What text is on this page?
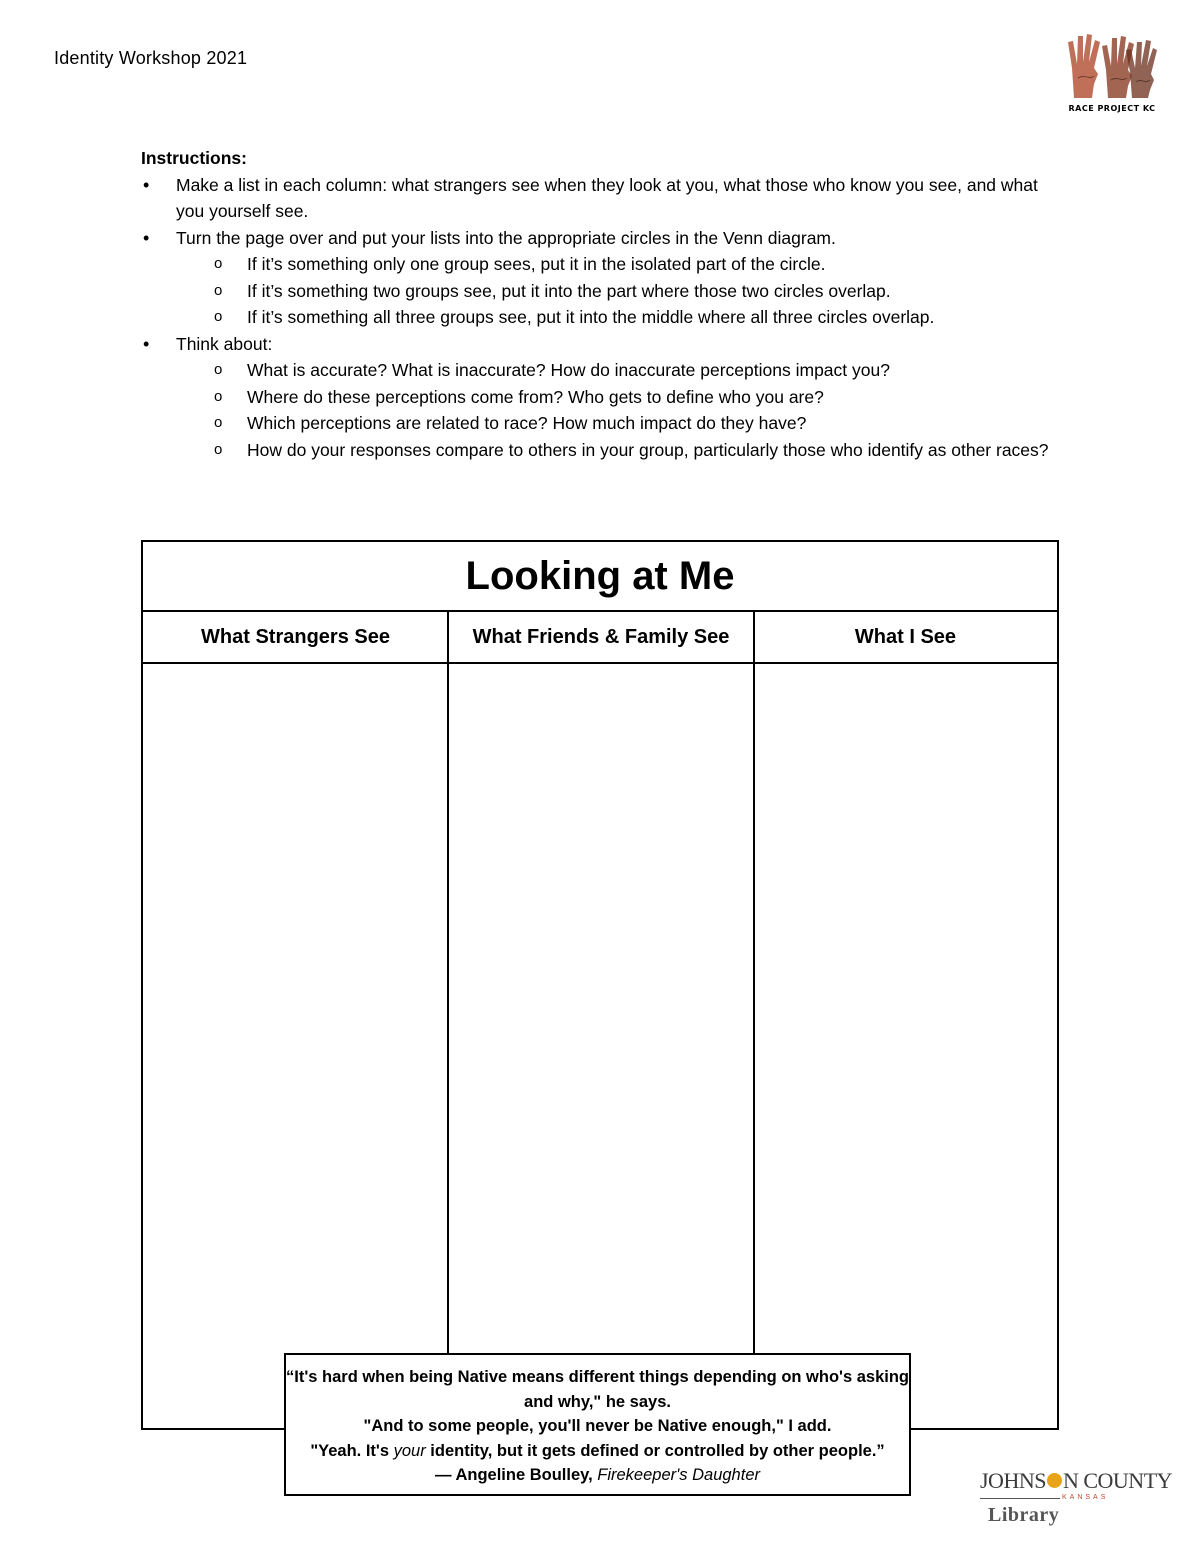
Identity Workshop 2021
RACE PROJECT KC
Instructions:
• Make a list in each column: what strangers see when they look at you, what those who know you see, and what you yourself see.
• Turn the page over and put your lists into the appropriate circles in the Venn diagram.
o If it’s something only one group sees, put it in the isolated part of the circle.
o If it’s something two groups see, put it into the part where those two circles overlap.
o If it’s something all three groups see, put it into the middle where all three circles overlap.
• Think about:
o What is accurate? What is inaccurate? How do inaccurate perceptions impact you?
o Where do these perceptions come from? Who gets to define who you are?
o Which perceptions are related to race? How much impact do they have?
o How do your responses compare to others in your group, particularly those who identify as other races?
Looking at Me
What Strangers See	What Friends & Family See	What I See
“It's hard when being Native means different things depending on who's asking and why," he says.
"And to some people, you'll never be Native enough," I add.
"Yeah. It's your identity, but it gets defined or controlled by other people.”
— Angeline Boulley, Firekeeper's Daughter	JOHNS N COUNTY
KANSAS
Library
